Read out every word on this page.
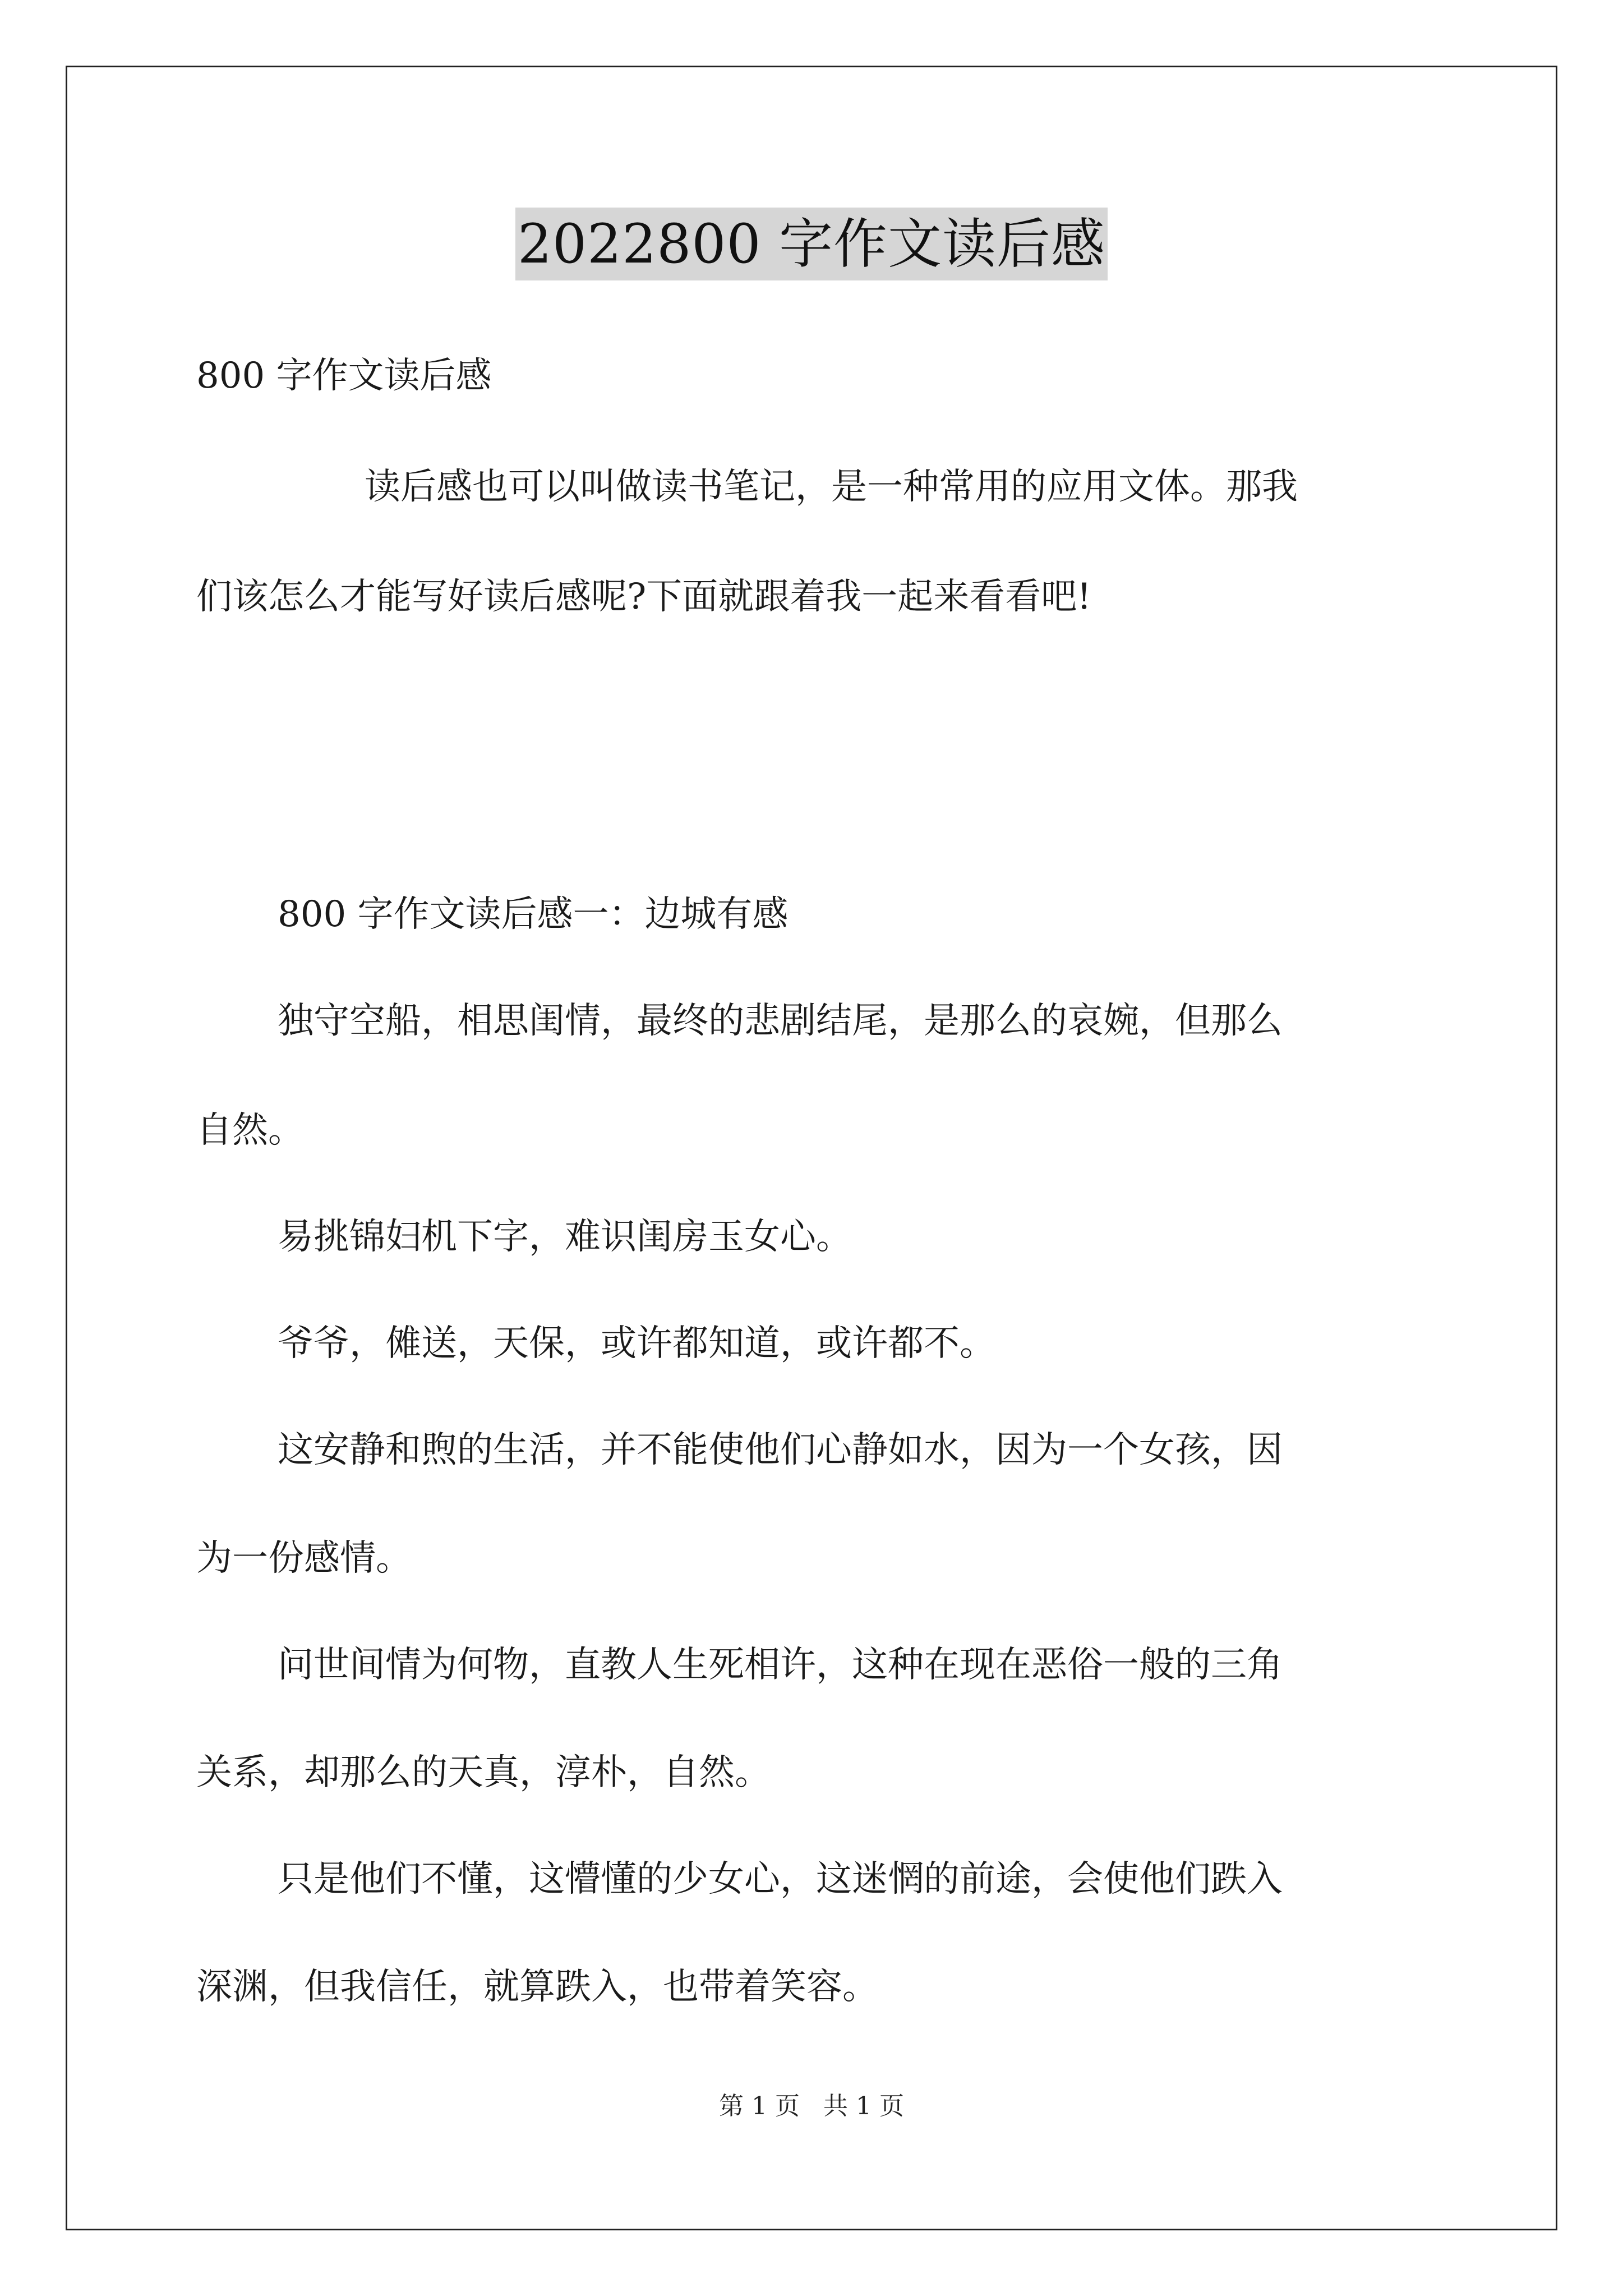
2022800 字作文读后感
800 字作文读后感
读后感也可以叫做读书笔记，是一种常用的应用文体。那我
们该怎么才能写好读后感呢?下面就跟着我一起来看看吧!
800 字作文读后感一：边城有感
独守空船，相思闺情，最终的悲剧结尾，是那么的哀婉，但那么
自然。
易挑锦妇机下字，难识闺房玉女心。
爷爷，傩送，天保，或许都知道，或许都不。
这安静和煦的生活，并不能使他们心静如水，因为一个女孩，因
为一份感情。
问世间情为何物，直教人生死相许，这种在现在恶俗一般的三角
关系，却那么的天真，淳朴，自然。
只是他们不懂，这懵懂的少女心，这迷惘的前途，会使他们跌入
深渊，但我信任，就算跌入，也带着笑容。
第 1 页 共 1 页
